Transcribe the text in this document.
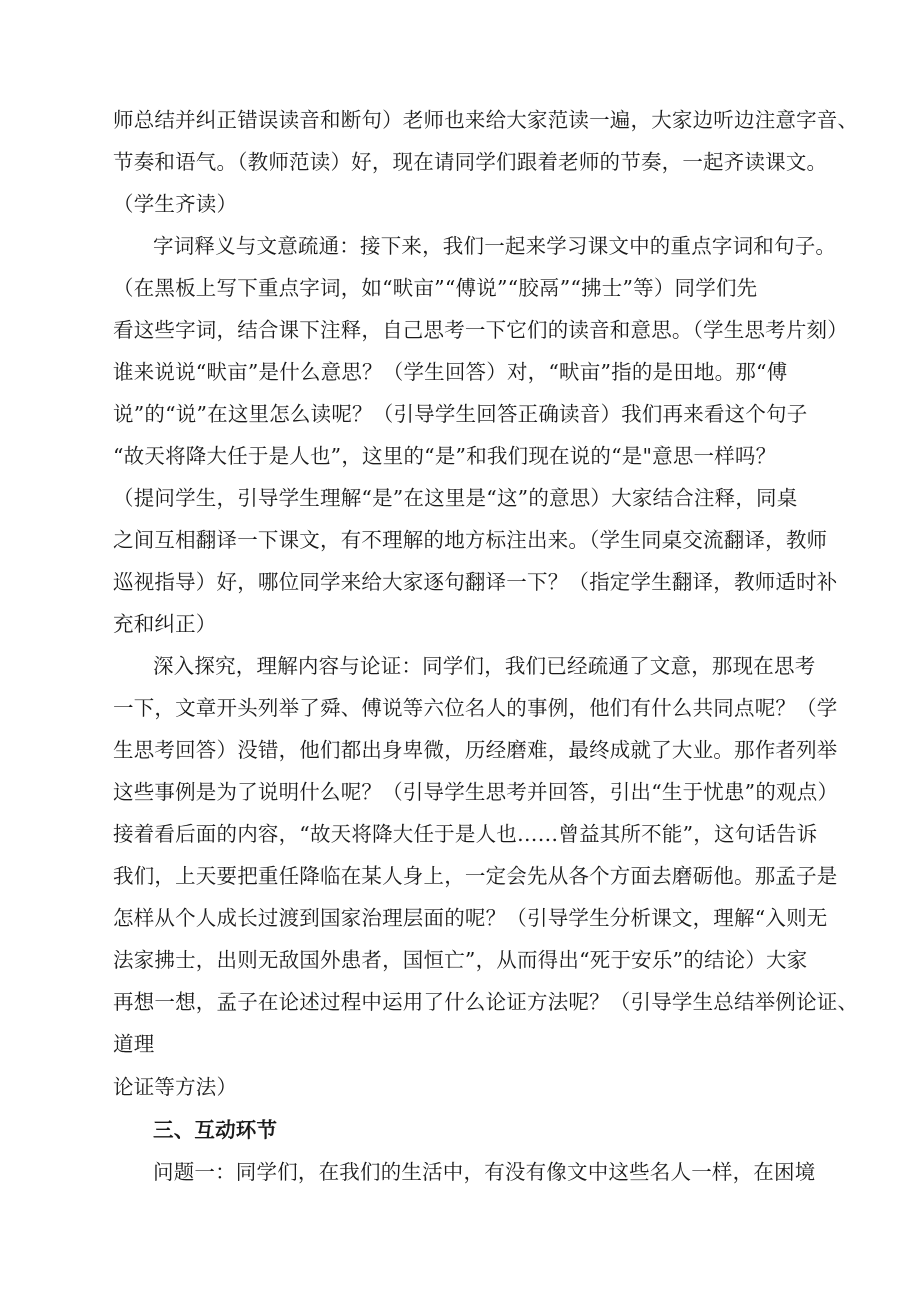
师总结并纠正错误读音和断句）老师也来给大家范读一遍，大家边听边注意字音、
节奏和语气。（教师范读）好，现在请同学们跟着老师的节奏，一起齐读课文。
（学生齐读）
字词释义与文意疏通：接下来，我们一起来学习课文中的重点字词和句子。
（在黑板上写下重点字词，如“畎亩”“傅说”“胶鬲”“拂士”等）同学们先
看这些字词，结合课下注释，自己思考一下它们的读音和意思。（学生思考片刻）
谁来说说“畎亩”是什么意思？（学生回答）对，“畎亩”指的是田地。那“傅
说”的“说”在这里怎么读呢？（引导学生回答正确读音）我们再来看这个句子
“故天将降大任于是人也”，这里的“是”和我们现在说的“是"意思一样吗？
（提问学生，引导学生理解“是”在这里是“这”的意思）大家结合注释，同桌
之间互相翻译一下课文，有不理解的地方标注出来。（学生同桌交流翻译，教师
巡视指导）好，哪位同学来给大家逐句翻译一下？（指定学生翻译，教师适时补
充和纠正）
深入探究，理解内容与论证：同学们，我们已经疏通了文意，那现在思考
一下，文章开头列举了舜、傅说等六位名人的事例，他们有什么共同点呢？（学
生思考回答）没错，他们都出身卑微，历经磨难，最终成就了大业。那作者列举
这些事例是为了说明什么呢？（引导学生思考并回答，引出“生于忧患”的观点）
接着看后面的内容，“故天将降大任于是人也……曾益其所不能”，这句话告诉
我们，上天要把重任降临在某人身上，一定会先从各个方面去磨砺他。那孟子是
怎样从个人成长过渡到国家治理层面的呢？（引导学生分析课文，理解“入则无
法家拂士，出则无敌国外患者，国恒亡”，从而得出“死于安乐”的结论）大家
再想一想，孟子在论述过程中运用了什么论证方法呢？（引导学生总结举例论证、
道理
论证等方法）
三、互动环节
问题一：同学们，在我们的生活中，有没有像文中这些名人一样，在困境
